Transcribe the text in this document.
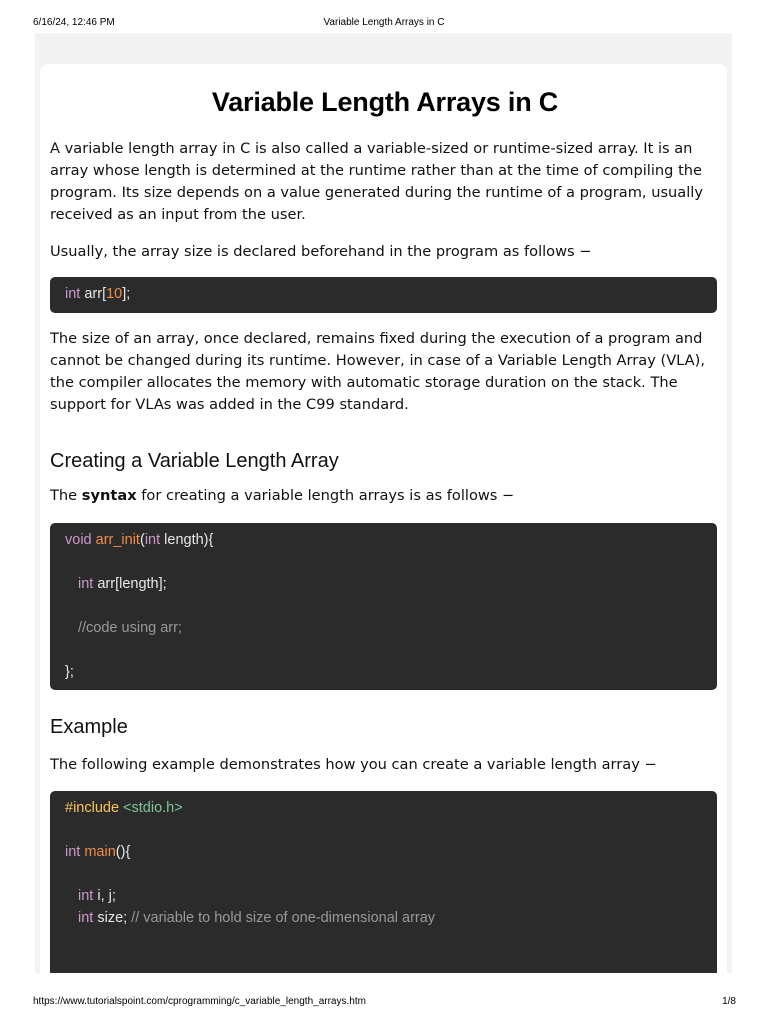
6/16/24, 12:46 PM	Variable Length Arrays in C
Variable Length Arrays in C

A variable length array in C is also called a variable-sized or runtime-sized array. It is an array whose length is determined at the runtime rather than at the time of compiling the program. Its size depends on a value generated during the runtime of a program, usually received as an input from the user.

Usually, the array size is declared beforehand in the program as follows −

int arr[10];

The size of an array, once declared, remains fixed during the execution of a program and cannot be changed during its runtime. However, in case of a Variable Length Array (VLA), the compiler allocates the memory with automatic storage duration on the stack. The support for VLAs was added in the C99 standard.

Creating a Variable Length Array

The syntax for creating a variable length arrays is as follows −

void arr_init(int length){
int arr[length];
//code using arr;
};
Example

The following example demonstrates how you can create a variable length array −

#include <stdio.h>
int main(){
int i, j;
int size; // variable to hold size of one-dimensional array
https://www.tutorialspoint.com/cprogramming/c_variable_length_arrays.htm	1/8
